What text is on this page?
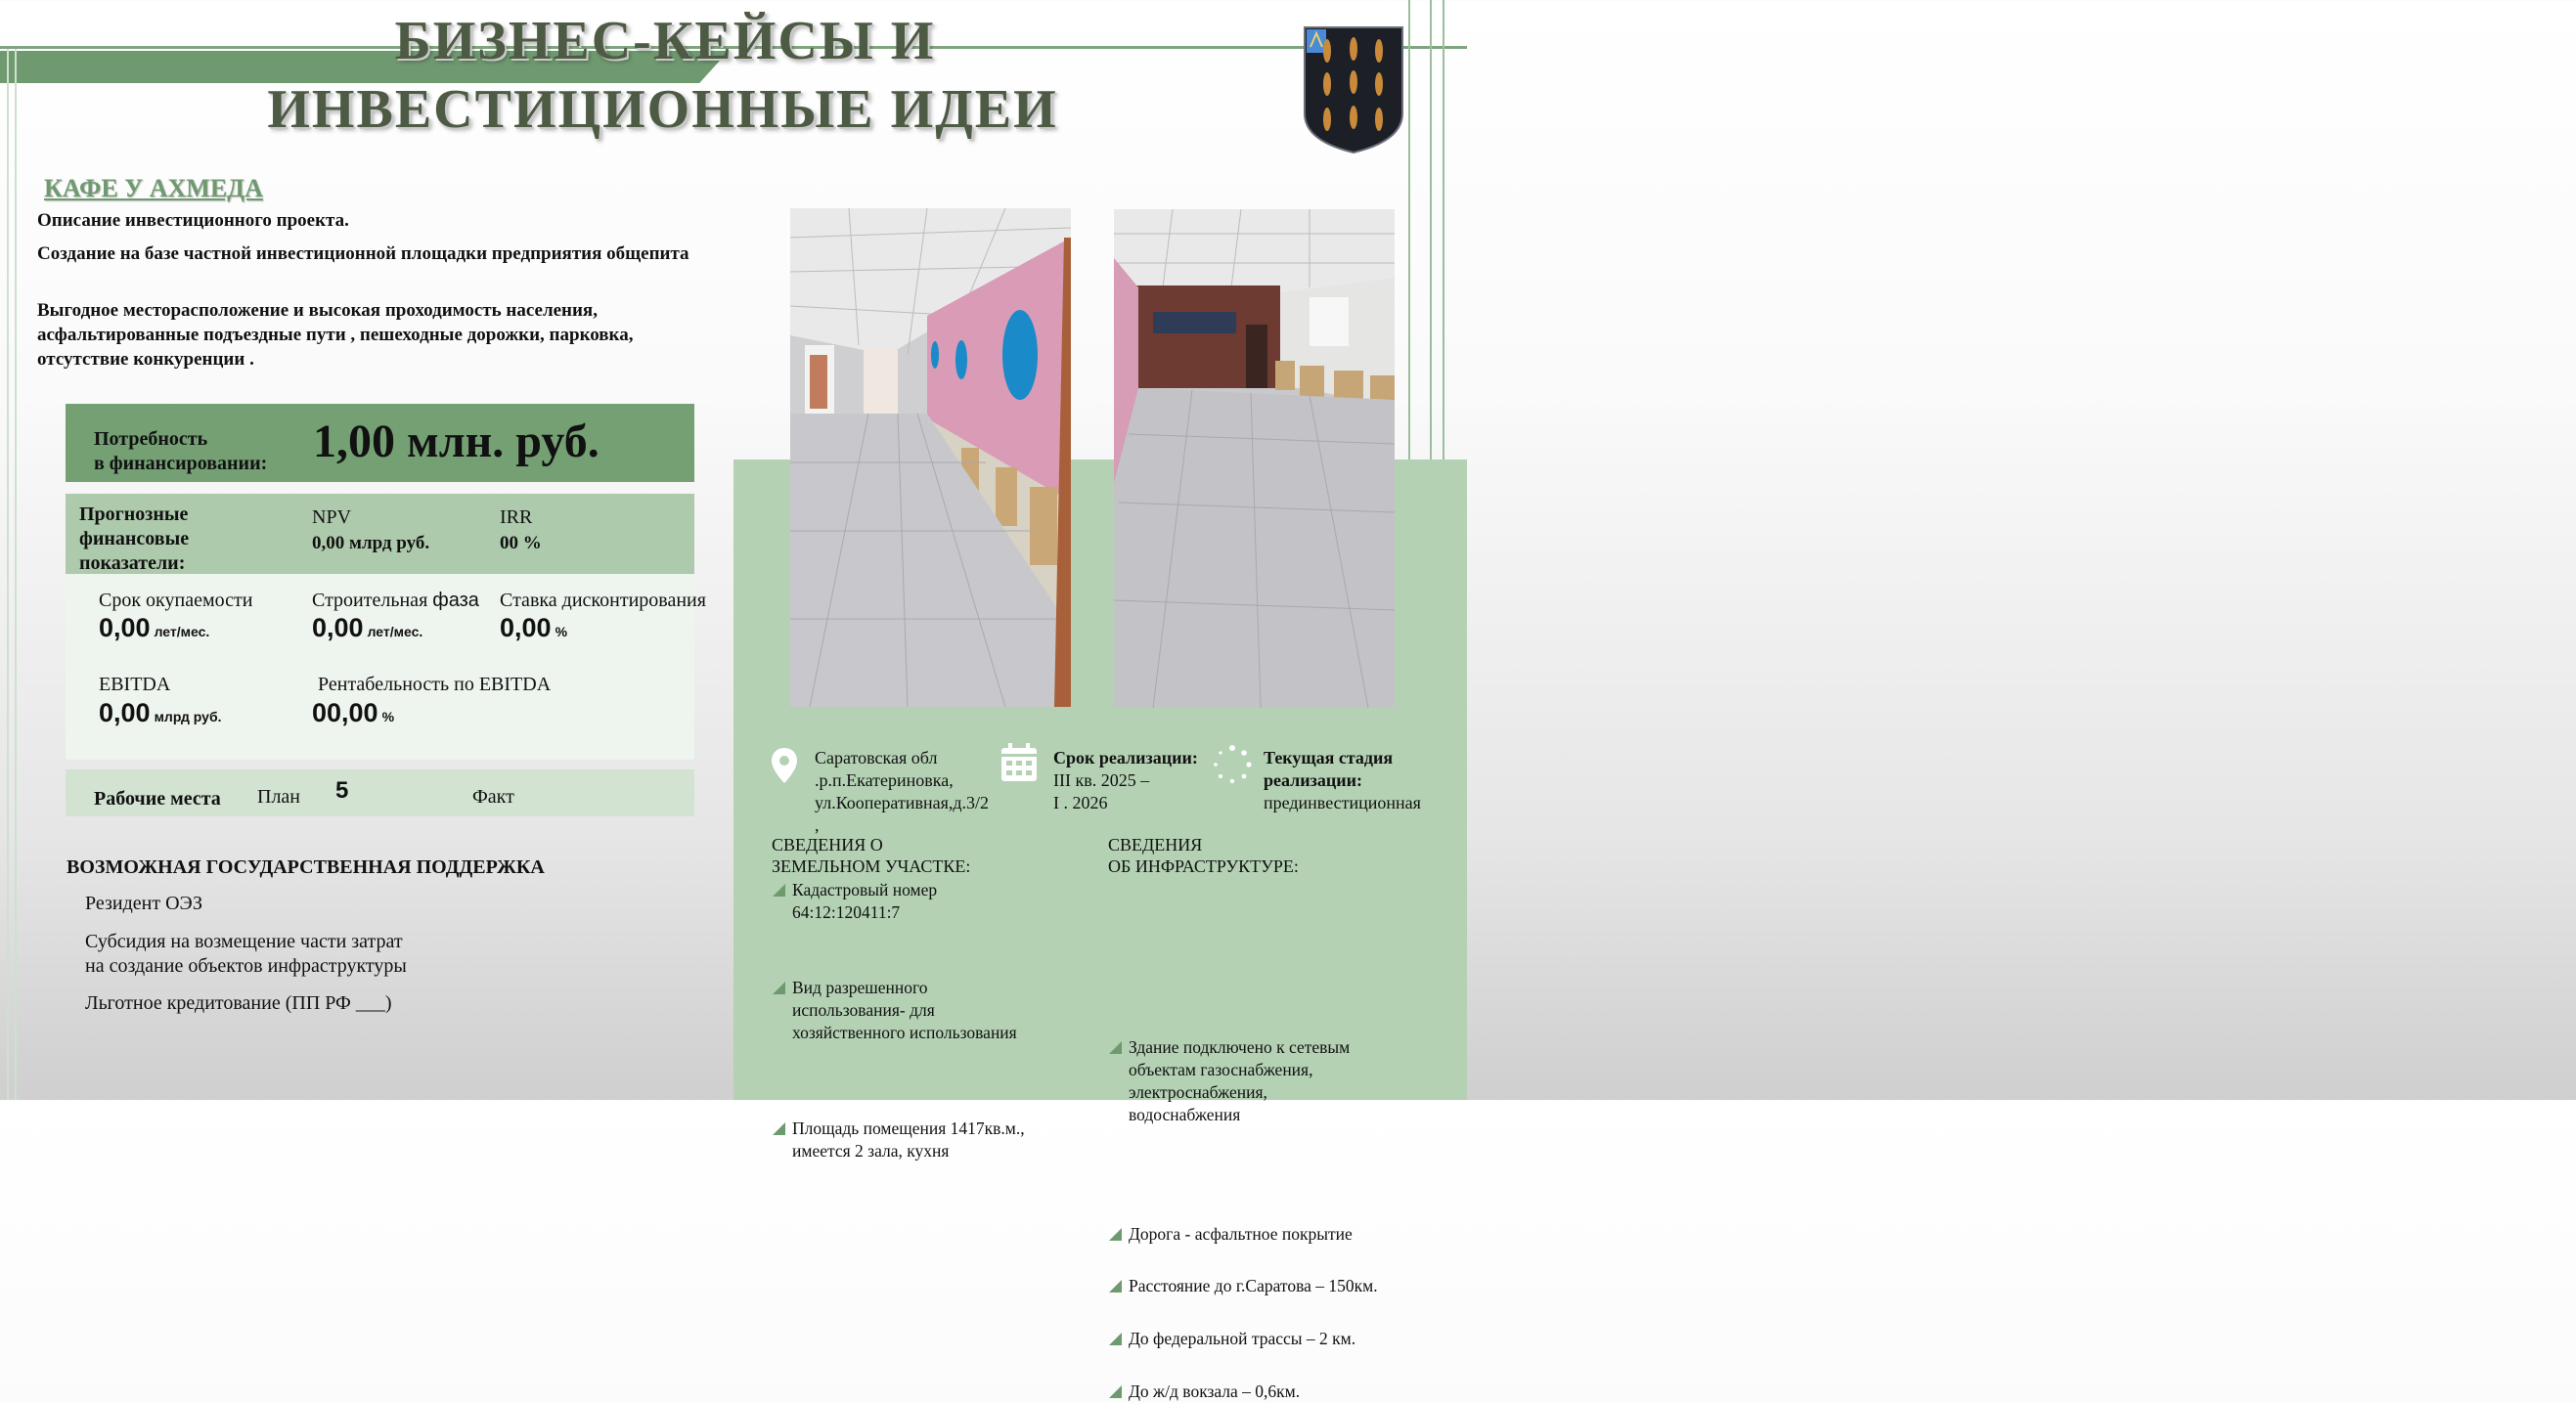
БИЗНЕС-КЕЙСЫ И
ИНВЕСТИЦИОННЫЕ ИДЕИ
КАФЕ У АХМЕДА
Описание инвестиционного проекта.
Создание на базе частной инвестиционной площадки предприятия общепита
Выгодное месторасположение и высокая проходимость населения, асфальтированные подъездные пути , пешеходные дорожки, парковка, отсутствие конкуренции .
Потребность
в финансировании: 1,00 млн. руб.
Прогнозные
финансовые
показатели:
NPV
0,00 млрд руб.
IRR
00 %
Срок окупаемости
0,00 лет/мес.
Строительная фаза
0,00 лет/мес.
Ставка дисконтирования
0,00 %
EBITDA
0,00 млрд руб.
Рентабельность по EBITDA
00,00 %
Рабочие места План 5	Факт
ВОЗМОЖНАЯ ГОСУДАРСТВЕННАЯ ПОДДЕРЖКА
Резидент ОЭЗ
Субсидия на возмещение части затрат
на создание объектов инфраструктуры
Льготное кредитование (ПП РФ ___)
Саратовская обл
.р.п.Екатериновка,
ул.Кооперативная,д.3/2
,
Срок реализации:
III кв. 2025 –
I . 2026
Текущая стадия
реализации:
прединвестиционная
СВЕДЕНИЯ О
ЗЕМЕЛЬНОМ УЧАСТКЕ:
Кадастровый номер
64:12:120411:7
Вид разрешенного
использования- для
хозяйственного использования
Площадь помещения 1417кв.м.,
имеется 2 зала, кухня
СВЕДЕНИЯ
ОБ ИНФРАСТРУКТУРЕ:
Здание подключено к сетевым
объектам газоснабжения,
электроснабжения,
водоснабжения
Дорога - асфальтное покрытие
Расстояние до г.Саратова – 150км.
До федеральной трассы – 2 км.
До ж/д вокзала – 0,6км.
